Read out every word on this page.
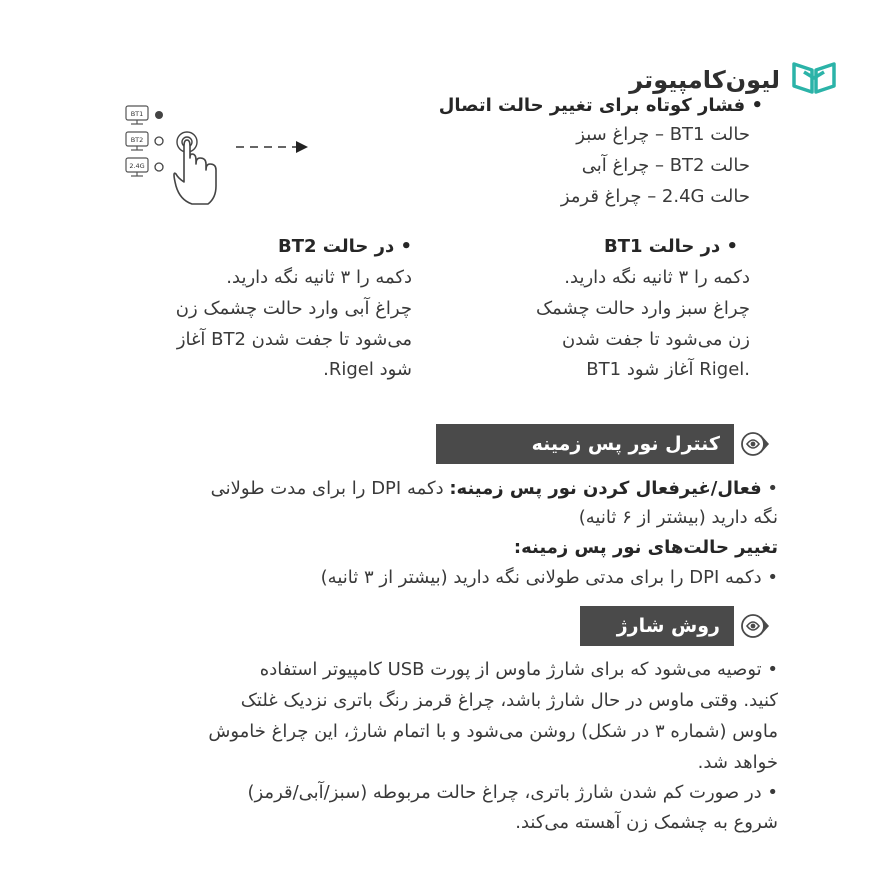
لیون‌کامپیوتر
BT1
BT2
2.4G
• فشار کوتاه برای تغییر حالت اتصال
حالت BT1 – چراغ سبز
حالت BT2 – چراغ آبی
حالت 2.4G – چراغ قرمز
• در حالت BT1
دکمه را ۳ ثانیه نگه دارید.
چراغ سبز وارد حالت چشمک
زن می‌شود تا جفت شدن
BT1 آغاز شود Rigel.
• در حالت BT2
دکمه را ۳ ثانیه نگه دارید.
چراغ آبی وارد حالت چشمک زن
می‌شود تا جفت شدن BT2 آغاز
شود Rigel.
کنترل نور پس زمینه
• فعال/غیرفعال کردن نور پس زمینه: دکمه DPI را برای مدت طولانی
نگه دارید (بیشتر از ۶ ثانیه)
تغییر حالت‌های نور پس زمینه:
• دکمه DPI را برای مدتی طولانی نگه دارید (بیشتر از ۳ ثانیه)
روش شارژ
• توصیه می‌شود که برای شارژ ماوس از پورت USB کامپیوتر استفاده
کنید. وقتی ماوس در حال شارژ باشد، چراغ قرمز رنگ باتری نزدیک غلتک
ماوس (شماره ۳ در شکل) روشن می‌شود و با اتمام شارژ، این چراغ خاموش
خواهد شد.
• در صورت کم شدن شارژ باتری، چراغ حالت مربوطه (سبز/آبی/قرمز)
شروع به چشمک زن آهسته می‌کند.
